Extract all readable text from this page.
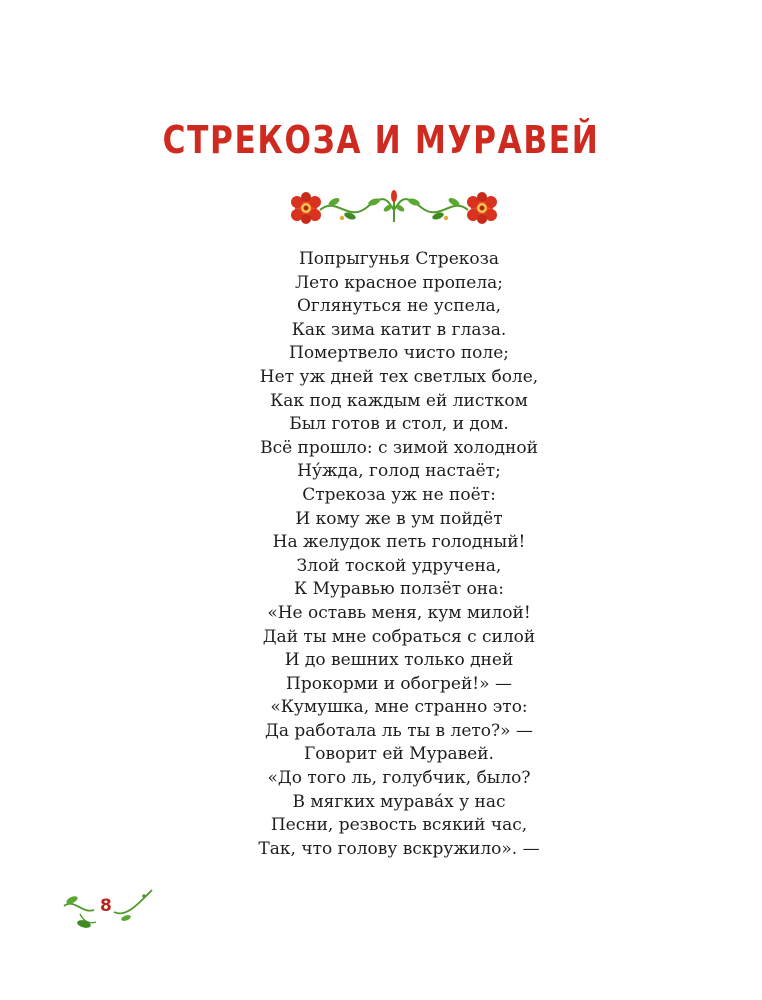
СТРЕКОЗА И МУРАВЕЙ
Попрыгунья Стрекоза
Лето красное пропела;
Оглянуться не успела,
Как зима катит в глаза.
Помертвело чисто поле;
Нет уж дней тех светлых боле,
Как под каждым ей листком
Был готов и стол, и дом.
Всё прошло: с зимой холодной
Ну́жда, голод настаёт;
Стрекоза уж не поёт:
И кому же в ум пойдёт
На желудок петь голодный!
Злой тоской удручена,
К Муравью ползёт она:
«Не оставь меня, кум милой!
Дай ты мне собраться с силой
И до вешних только дней
Прокорми и обогрей!» —
«Кумушка, мне странно это:
Да работала ль ты в лето?» —
Говорит ей Муравей.
«До того ль, голубчик, было?
В мягких мурава́х у нас
Песни, резвость всякий час,
Так, что голову вскружило». —
8
